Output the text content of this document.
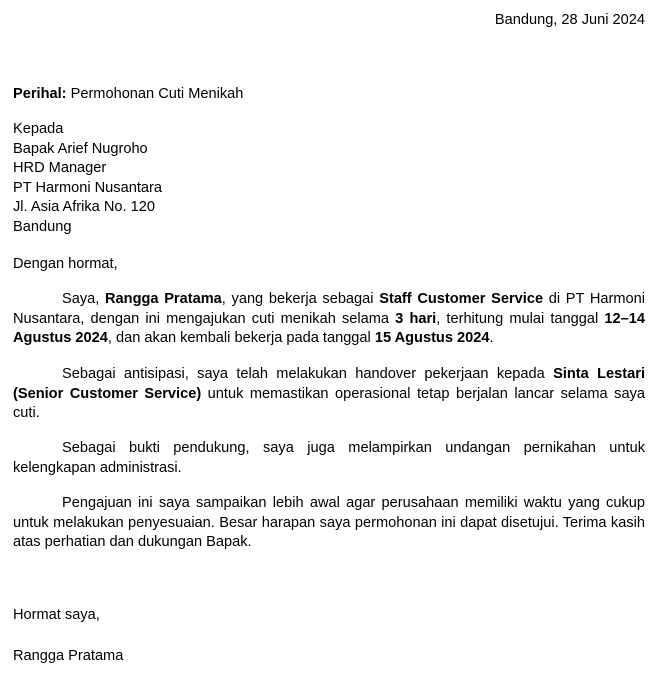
Bandung, 28 Juni 2024
Perihal: Permohonan Cuti Menikah
Kepada
Bapak Arief Nugroho
HRD Manager
PT Harmoni Nusantara
Jl. Asia Afrika No. 120
Bandung
Dengan hormat,

Saya, Rangga Pratama, yang bekerja sebagai Staff Customer Service di PT Harmoni Nusantara, dengan ini mengajukan cuti menikah selama 3 hari, terhitung mulai tanggal 12–14 Agustus 2024, dan akan kembali bekerja pada tanggal 15 Agustus 2024.

Sebagai antisipasi, saya telah melakukan handover pekerjaan kepada Sinta Lestari (Senior Customer Service) untuk memastikan operasional tetap berjalan lancar selama saya cuti.

Sebagai bukti pendukung, saya juga melampirkan undangan pernikahan untuk kelengkapan administrasi.

Pengajuan ini saya sampaikan lebih awal agar perusahaan memiliki waktu yang cukup untuk melakukan penyesuaian. Besar harapan saya permohonan ini dapat disetujui. Terima kasih atas perhatian dan dukungan Bapak.

Hormat saya,
Rangga Pratama
